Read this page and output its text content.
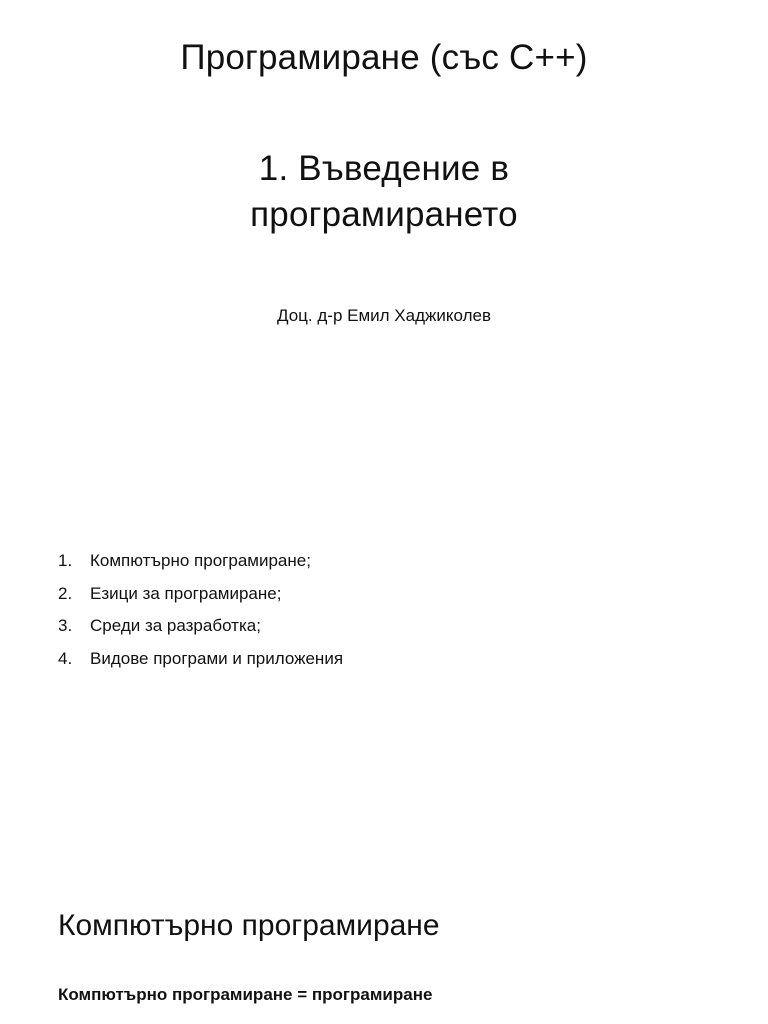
Програмиране (със С++)
1. Въведение в
програмирането

Доц. д-р Емил Хаджиколев

1.	Компютърно програмиране;
2.	Езици за програмиране;
3.	Среди за разработка;
4.	Видове програми и приложения
Компютърно програмиране

Компютърно програмиране = програмиране
